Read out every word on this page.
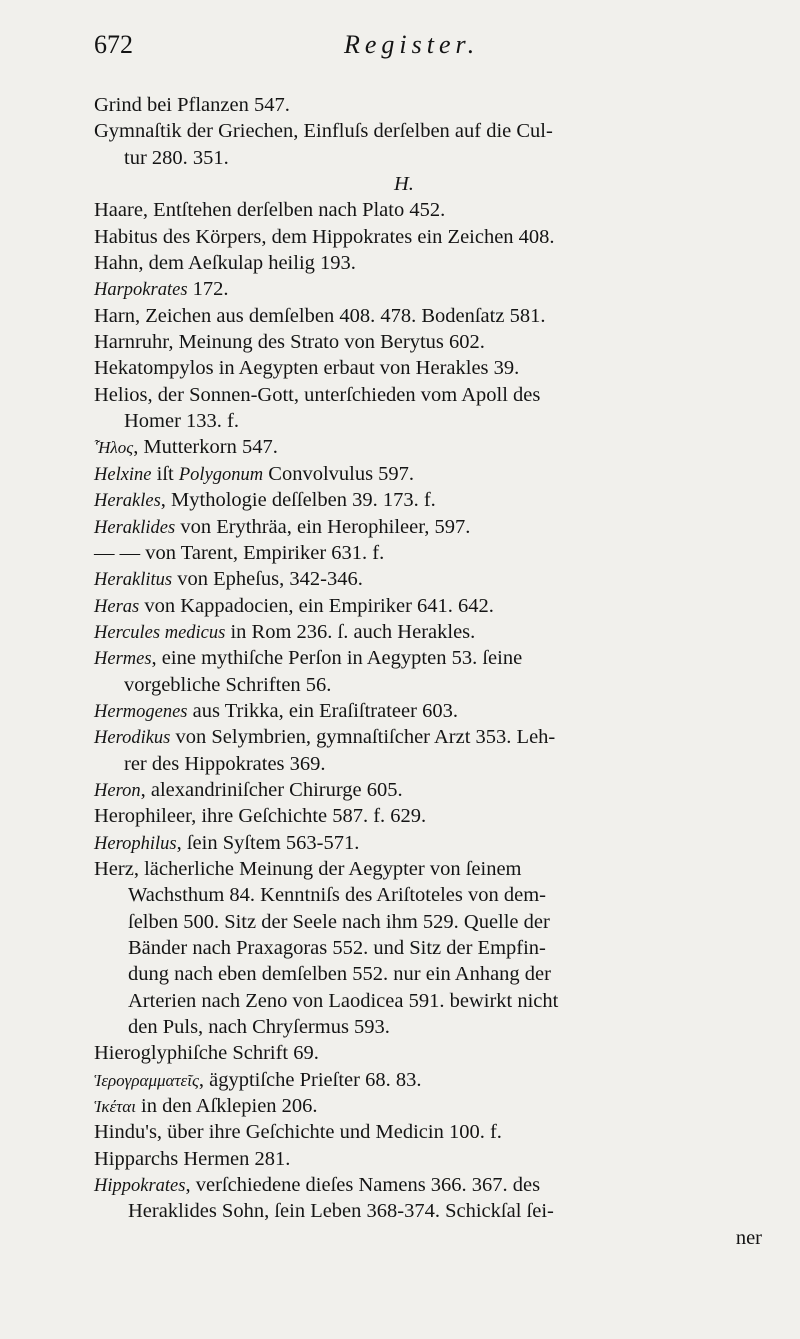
672	Register.
Grind bei Pflanzen 547.
Gymnaſtik der Griechen, Einfluſs derſelben auf die Cul-
tur 280. 351.
H.
Haare, Entſtehen derſelben nach Plato 452.
Habitus des Körpers, dem Hippokrates ein Zeichen 408.
Hahn, dem Aeſkulap heilig 193.
Harpokrates 172.
Harn, Zeichen aus demſelben 408. 478. Bodenſatz 581.
Harnruhr, Meinung des Strato von Berytus 602.
Hekatompylos in Aegypten erbaut von Herakles 39.
Helios, der Sonnen-Gott, unterſchieden vom Apoll des
Homer 133. f.
Ἧλος, Mutterkorn 547.
Helxine iſt Polygonum Convolvulus 597.
Herakles, Mythologie deſſelben 39. 173. f.
Heraklides von Erythräa, ein Herophileer, 597.
— — von Tarent, Empiriker 631. f.
Heraklitus von Epheſus, 342-346.
Heras von Kappadocien, ein Empiriker 641. 642.
Hercules medicus in Rom 236. ſ. auch Herakles.
Hermes, eine mythiſche Perſon in Aegypten 53. ſeine
vorgebliche Schriften 56.
Hermogenes aus Trikka, ein Eraſiſtrateer 603.
Herodikus von Selymbrien, gymnaſtiſcher Arzt 353. Leh-
rer des Hippokrates 369.
Heron, alexandriniſcher Chirurge 605.
Herophileer, ihre Geſchichte 587. f. 629.
Herophilus, ſein Syſtem 563-571.
Herz, lächerliche Meinung der Aegypter von ſeinem
Wachsthum 84. Kenntniſs des Ariſtoteles von dem-
ſelben 500. Sitz der Seele nach ihm 529. Quelle der
Bänder nach Praxagoras 552. und Sitz der Empfin-
dung nach eben demſelben 552. nur ein Anhang der
Arterien nach Zeno von Laodicea 591. bewirkt nicht
den Puls, nach Chryſermus 593.
Hieroglyphiſche Schrift 69.
Ἱερογραμματεῖς, ägyptiſche Prieſter 68. 83.
Ἱκέται in den Aſklepien 206.
Hindu's, über ihre Geſchichte und Medicin 100. f.
Hipparchs Hermen 281.
Hippokrates, verſchiedene dieſes Namens 366. 367. des
Heraklides Sohn, ſein Leben 368-374. Schickſal ſei-
ner
